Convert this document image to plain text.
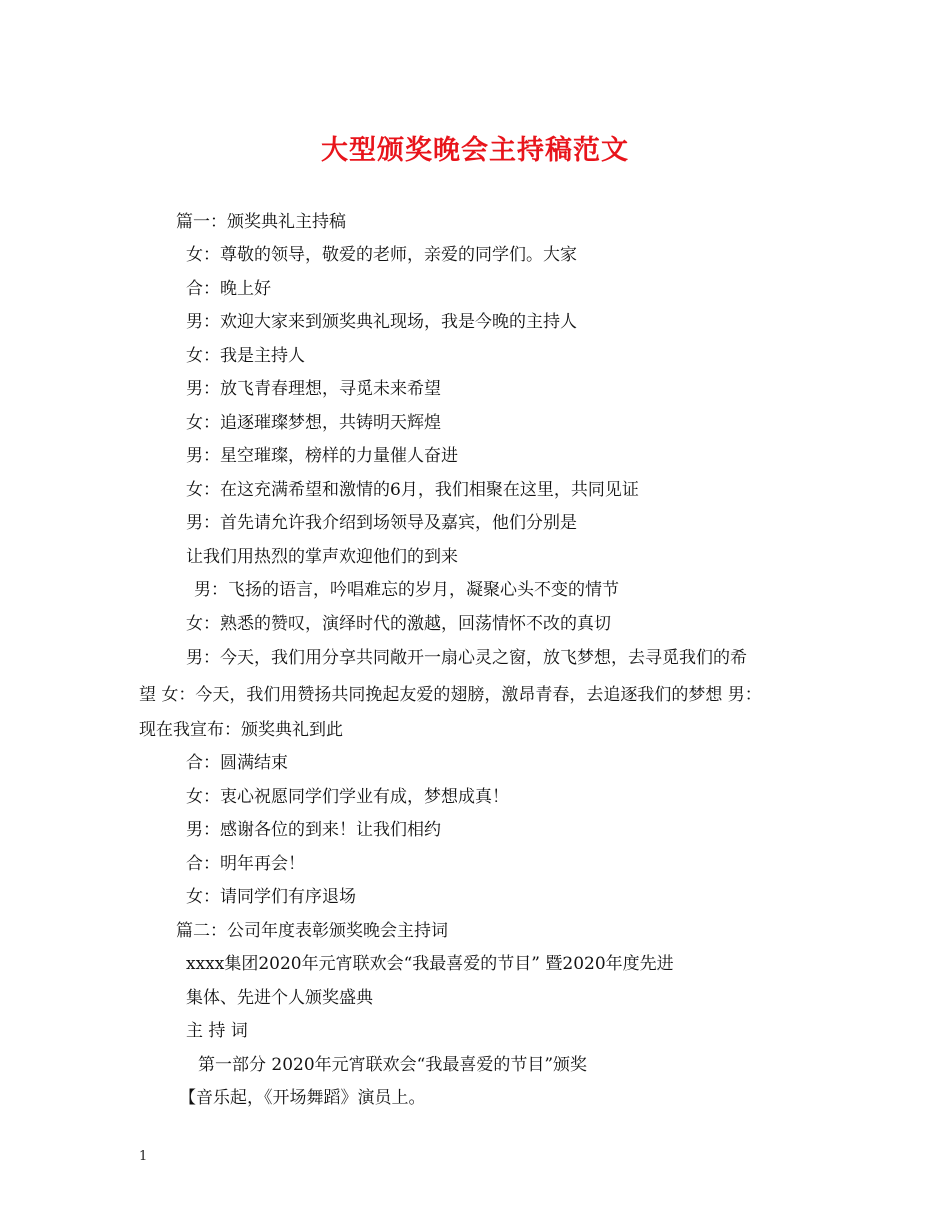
大型颁奖晚会主持稿范文
篇一：颁奖典礼主持稿
女：尊敬的领导，敬爱的老师，亲爱的同学们。大家
合：晚上好
男：欢迎大家来到颁奖典礼现场，我是今晚的主持人
女：我是主持人
男：放飞青春理想，寻觅未来希望
女：追逐璀璨梦想，共铸明天辉煌
男：星空璀璨，榜样的力量催人奋进
女：在这充满希望和激情的6月，我们相聚在这里，共同见证
男：首先请允许我介绍到场领导及嘉宾，他们分别是
让我们用热烈的掌声欢迎他们的到来
男：飞扬的语言，吟唱难忘的岁月，凝聚心头不变的情节
女：熟悉的赞叹，演绎时代的激越，回荡情怀不改的真切
男：今天，我们用分享共同敞开一扇心灵之窗，放飞梦想，去寻觅我们的希
望 女：今天，我们用赞扬共同挽起友爱的翅膀，激昂青春，去追逐我们的梦想 男：
现在我宣布：颁奖典礼到此
合：圆满结束
女：衷心祝愿同学们学业有成，梦想成真！
男：感谢各位的到来！让我们相约
合：明年再会！
女：请同学们有序退场
篇二：公司年度表彰颁奖晚会主持词
xxxx集团2020年元宵联欢会“我最喜爱的节目” 暨2020年度先进
集体、先进个人颁奖盛典
主 持 词
第一部分 2020年元宵联欢会“我最喜爱的节目”颁奖
【音乐起，《开场舞蹈》演员上。
1
